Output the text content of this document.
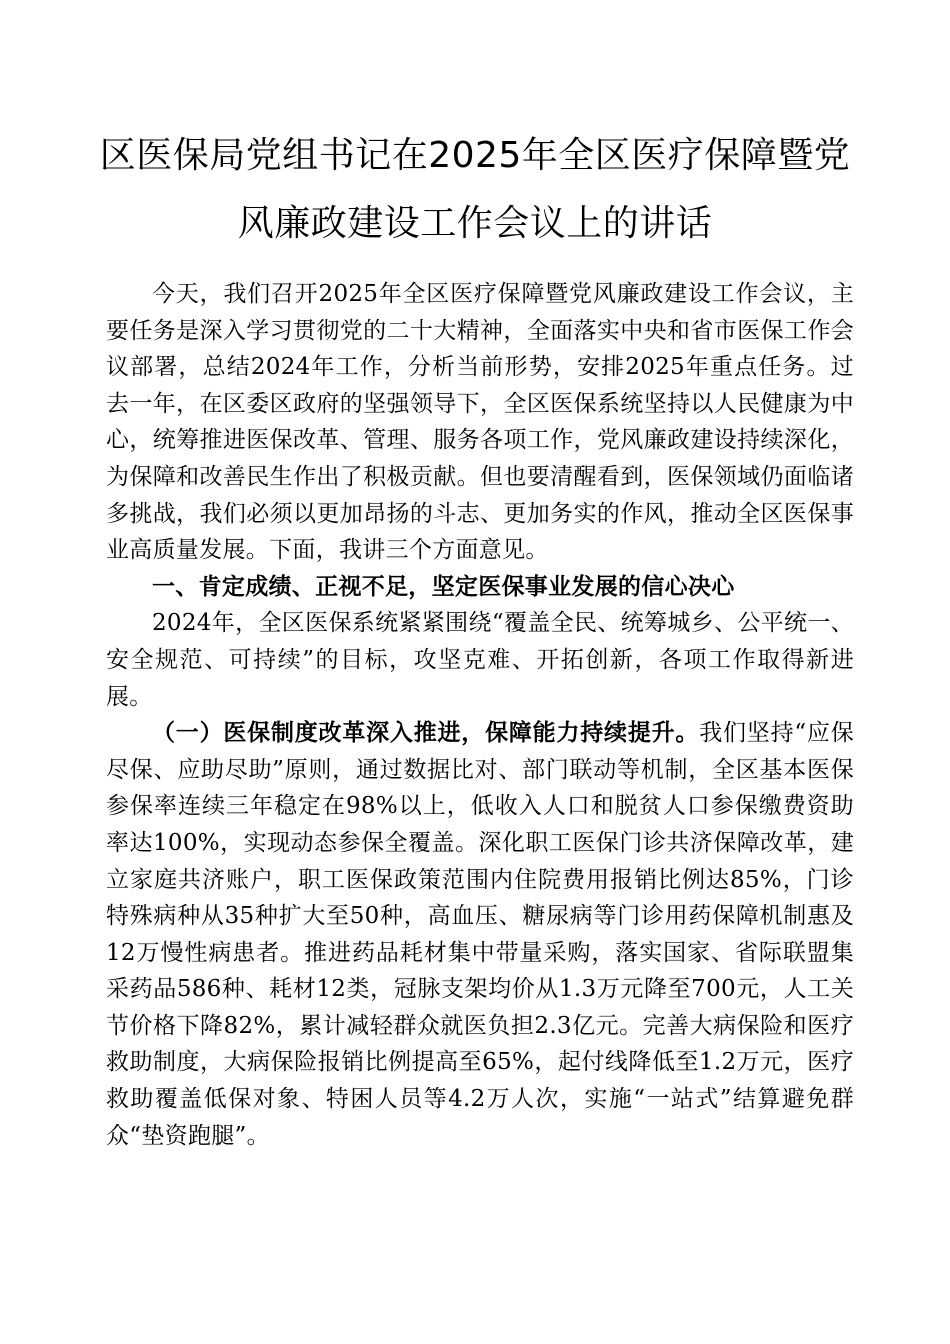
区医保局党组书记在2025年全区医疗保障暨党
风廉政建设工作会议上的讲话

今天，我们召开2025年全区医疗保障暨党风廉政建设工作会议，主要任务是深入学习贯彻党的二十大精神，全面落实中央和省市医保工作会议部署，总结2024年工作，分析当前形势，安排2025年重点任务。过去一年，在区委区政府的坚强领导下，全区医保系统坚持以人民健康为中心，统筹推进医保改革、管理、服务各项工作，党风廉政建设持续深化，为保障和改善民生作出了积极贡献。但也要清醒看到，医保领域仍面临诸多挑战，我们必须以更加昂扬的斗志、更加务实的作风，推动全区医保事业高质量发展。下面，我讲三个方面意见。

一、肯定成绩、正视不足，坚定医保事业发展的信心决心

2024年，全区医保系统紧紧围绕“覆盖全民、统筹城乡、公平统一、安全规范、可持续”的目标，攻坚克难、开拓创新，各项工作取得新进展。

（一）医保制度改革深入推进，保障能力持续提升。我们坚持“应保尽保、应助尽助”原则，通过数据比对、部门联动等机制，全区基本医保参保率连续三年稳定在98%以上，低收入人口和脱贫人口参保缴费资助率达100%，实现动态参保全覆盖。深化职工医保门诊共济保障改革，建立家庭共济账户，职工医保政策范围内住院费用报销比例达85%，门诊特殊病种从35种扩大至50种，高血压、糖尿病等门诊用药保障机制惠及12万慢性病患者。推进药品耗材集中带量采购，落实国家、省际联盟集采药品586种、耗材12类，冠脉支架均价从1.3万元降至700元，人工关节价格下降82%，累计减轻群众就医负担2.3亿元。完善大病保险和医疗救助制度，大病保险报销比例提高至65%，起付线降低至1.2万元，医疗救助覆盖低保对象、特困人员等4.2万人次，实施“一站式”结算避免群众“垫资跑腿”。
